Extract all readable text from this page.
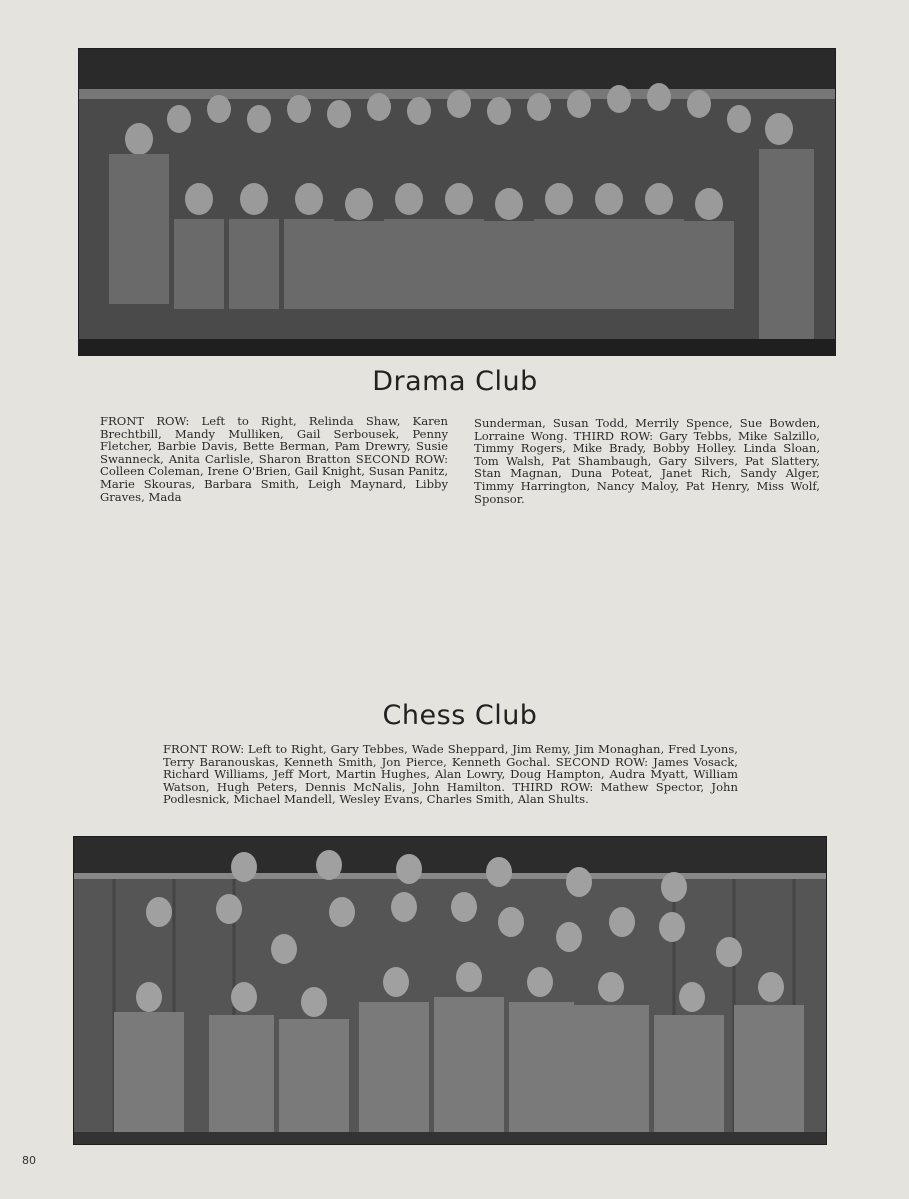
Drama Club

FRONT ROW: Left to Right, Relinda Shaw, Karen Brechtbill, Mandy Mulliken, Gail Serbousek, Penny Fletcher, Barbie Davis, Bette Berman, Pam Drewry, Susie Swanneck, Anita Carlisle, Sharon Bratton SECOND ROW: Colleen Coleman, Irene O'Brien, Gail Knight, Susan Panitz, Marie Skouras, Barbara Smith, Leigh Maynard, Libby Graves, Mada

Sunderman, Susan Todd, Merrily Spence, Sue Bowden, Lorraine Wong. THIRD ROW: Gary Tebbs, Mike Salzillo, Timmy Rogers, Mike Brady, Bobby Holley. Linda Sloan, Tom Walsh, Pat Shambaugh, Gary Silvers, Pat Slattery, Stan Magnan, Duna Poteat, Janet Rich, Sandy Alger, Timmy Harrington, Nancy Maloy, Pat Henry, Miss Wolf, Sponsor.

Chess Club

FRONT ROW: Left to Right, Gary Tebbes, Wade Sheppard, Jim Remy, Jim Monaghan, Fred Lyons, Terry Baranouskas, Kenneth Smith, Jon Pierce, Kenneth Gochal. SECOND ROW: James Vosack, Richard Williams, Jeff Mort, Martin Hughes, Alan Lowry, Doug Hampton, Audra Myatt, William Watson, Hugh Peters, Dennis McNalis, John Hamilton. THIRD ROW: Mathew Spector, John Podlesnick, Michael Mandell, Wesley Evans, Charles Smith, Alan Shults.

80
